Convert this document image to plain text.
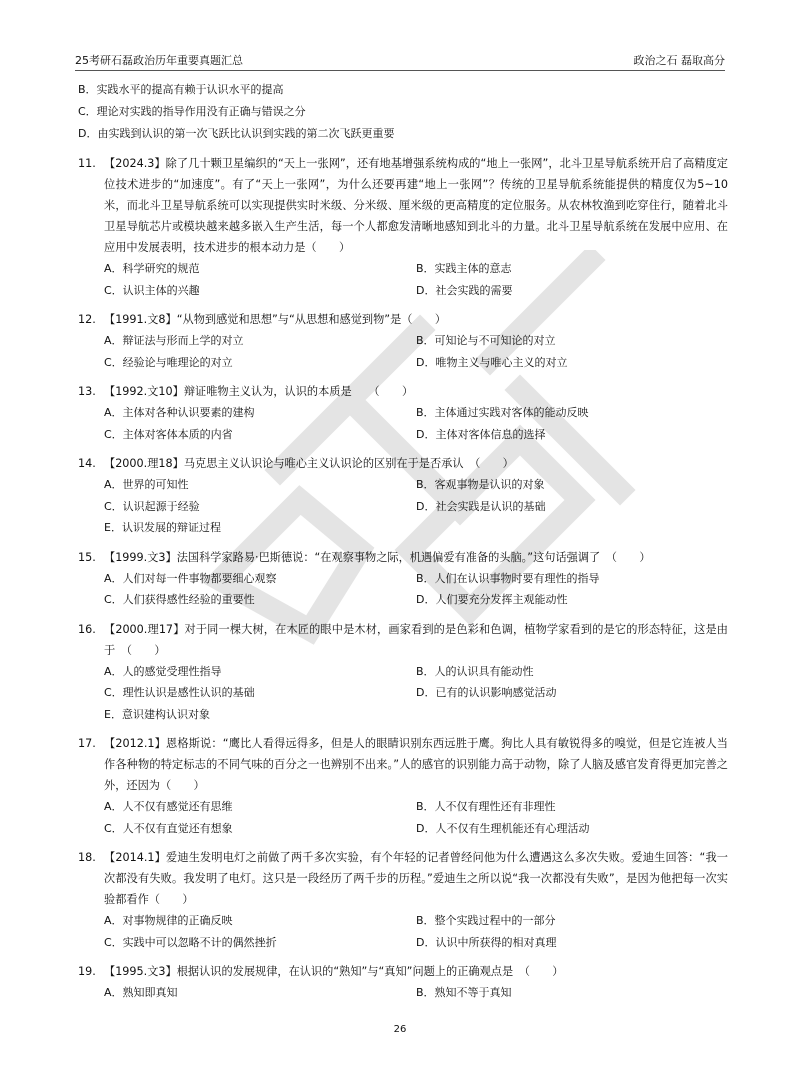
25考研石磊政治历年重要真题汇总	政治之石 磊取高分
B．实践水平的提高有赖于认识水平的提高
C．理论对实践的指导作用没有正确与错误之分
D．由实践到认识的第一次飞跃比认识到实践的第二次飞跃更重要
11. 【2024.3】除了几十颗卫星编织的“天上一张网”，还有地基增强系统构成的“地上一张网”，北斗卫星导航系统开启了高精度定位技术进步的“加速度”。有了“天上一张网”，为什么还要再建“地上一张网”？传统的卫星导航系统能提供的精度仅为5~10米，而北斗卫星导航系统可以实现提供实时米级、分米级、厘米级的更高精度的定位服务。从农林牧渔到吃穿住行，随着北斗卫星导航芯片或模块越来越多嵌入生产生活，每一个人都愈发清晰地感知到北斗的力量。北斗卫星导航系统在发展中应用、在应用中发展表明，技术进步的根本动力是（　　）
A．科学研究的规范	B．实践主体的意志
C．认识主体的兴趣	D．社会实践的需要
12. 【1991.文8】“从物到感觉和思想”与“从思想和感觉到物”是（　　）
A．辩证法与形而上学的对立	B．可知论与不可知论的对立
C．经验论与唯理论的对立	D．唯物主义与唯心主义的对立
13. 【1992.文10】辩证唯物主义认为，认识的本质是　　（　　）
A．主体对各种认识要素的建构	B．主体通过实践对客体的能动反映
C．主体对客体本质的内省	D．主体对客体信息的选择
14. 【2000.理18】马克思主义认识论与唯心主义认识论的区别在于是否承认　（　　）
A．世界的可知性	B．客观事物是认识的对象
C．认识起源于经验	D．社会实践是认识的基础
E．认识发展的辩证过程
15. 【1999.文3】法国科学家路易·巴斯德说：“在观察事物之际，机遇偏爱有准备的头脑。”这句话强调了　（　　）
A．人们对每一件事物都要细心观察	B．人们在认识事物时要有理性的指导
C．人们获得感性经验的重要性	D．人们要充分发挥主观能动性
16. 【2000.理17】对于同一棵大树，在木匠的眼中是木材，画家看到的是色彩和色调，植物学家看到的是它的形态特征，这是由于　（　　）
A．人的感觉受理性指导	B．人的认识具有能动性
C．理性认识是感性认识的基础	D．已有的认识影响感觉活动
E．意识建构认识对象
17. 【2012.1】恩格斯说：“鹰比人看得远得多，但是人的眼睛识别东西远胜于鹰。狗比人具有敏锐得多的嗅觉，但是它连被人当作各种物的特定标志的不同气味的百分之一也辨别不出来。”人的感官的识别能力高于动物，除了人脑及感官发育得更加完善之外，还因为（　　）
A．人不仅有感觉还有思维	B．人不仅有理性还有非理性
C．人不仅有直觉还有想象	D．人不仅有生理机能还有心理活动
18. 【2014.1】爱迪生发明电灯之前做了两千多次实验，有个年轻的记者曾经问他为什么遭遇这么多次失败。爱迪生回答：“我一次都没有失败。我发明了电灯。这只是一段经历了两千步的历程。”爱迪生之所以说“我一次都没有失败”，是因为他把每一次实验都看作（　　）
A．对事物规律的正确反映	B．整个实践过程中的一部分
C．实践中可以忽略不计的偶然挫折	D．认识中所获得的相对真理
19. 【1995.文3】根据认识的发展规律，在认识的“熟知”与“真知”问题上的正确观点是　（　　）
A．熟知即真知	B．熟知不等于真知
26
